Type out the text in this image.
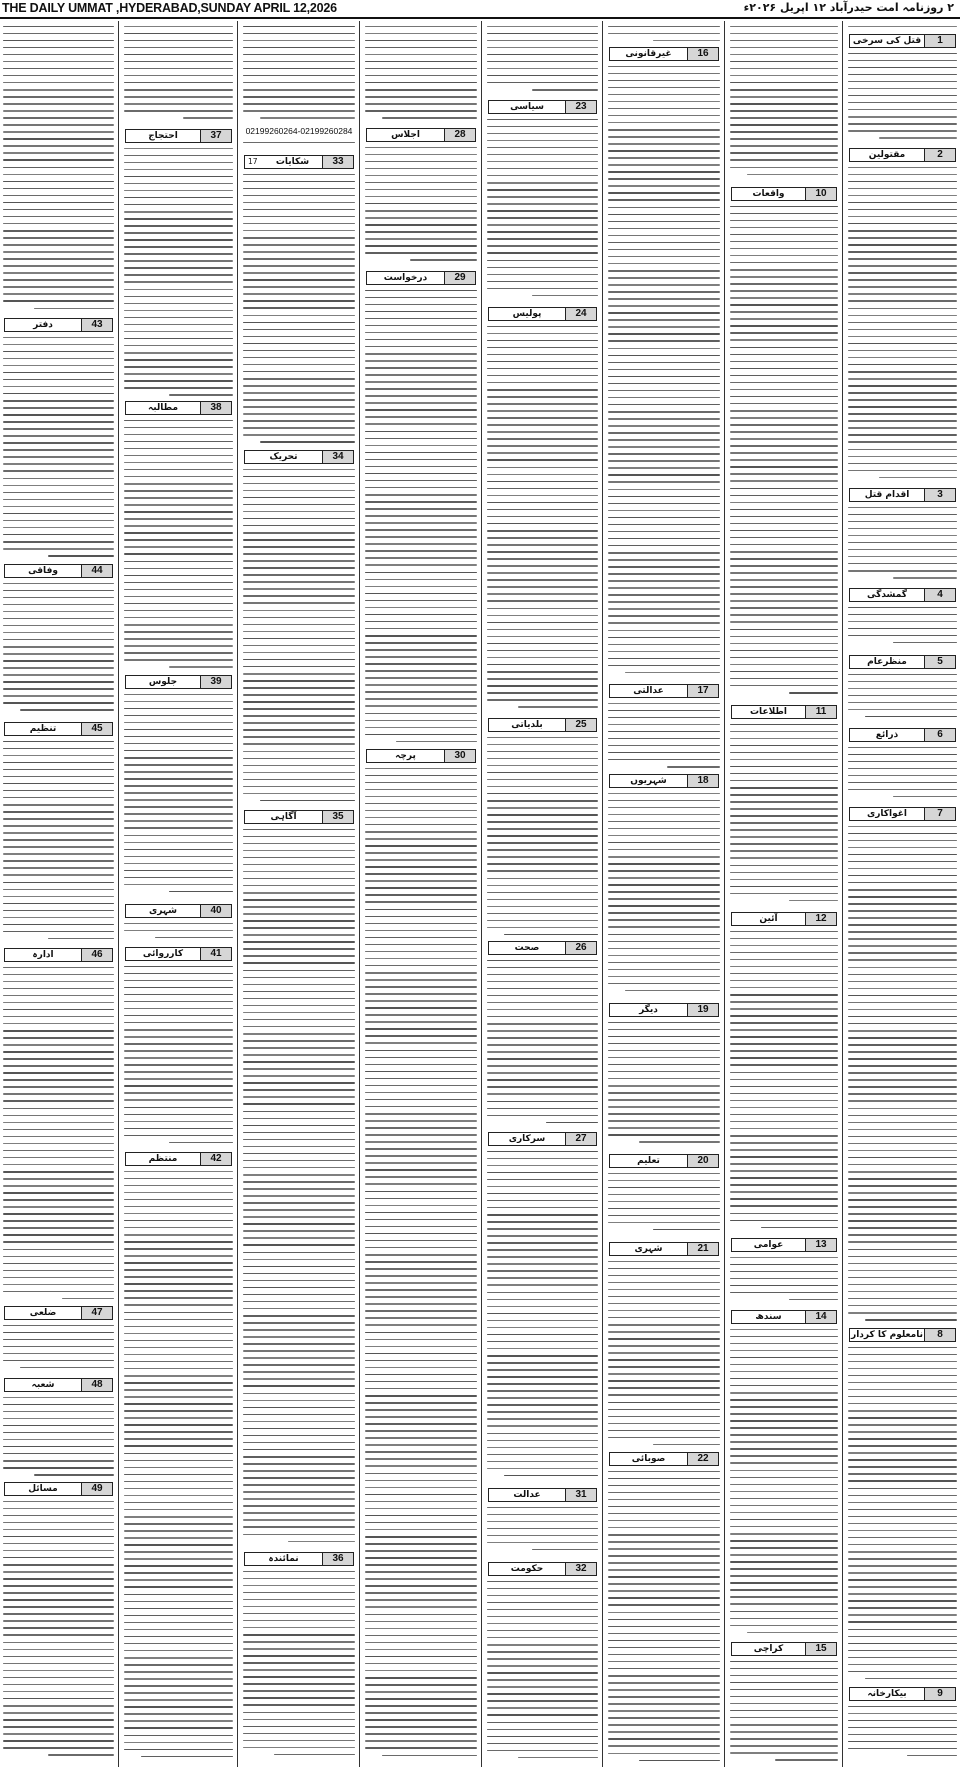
THE DAILY UMMAT ,HYDERABAD,SUNDAY APRIL 12,2026	۲ روزنامہ امت حیدرآباد ۱۲ اپریل ۲۰۲۶ء
1
قتل کی سرخی
2
مقتولین
3
اقدام قتل
4
گمشدگی
5
منظرعام
6
ذرائع
7
اغواکاری
8
نامعلوم کا کردار
9
بیکارخانہ
10
واقعات
11
اطلاعات
12
آئین
13
عوامی
14
سندھ
15
کراچی
16
غیرقانونی
17
عدالتی
18
شہریوں
19
دیگر
20
تعلیم
21
شہری
22
صوبائی
23
سیاسی
24
پولیس
25
بلدیاتی
26
صحت
27
سرکاری
31
عدالت
32
حکومت
28
اجلاس
29
درخواست
30
پرچہ
02199260264-02199260284
33
شکایات
17
34
تحریک
35
آگاہی
36
نمائندہ
37
احتجاج
38
مطالبہ
39
جلوس
40
شہری
41
کارروائی
42
منتظم
43
دفتر
44
وفاقی
45
تنظیم
46
ادارہ
47
ضلعی
48
شعبہ
49
مسائل
